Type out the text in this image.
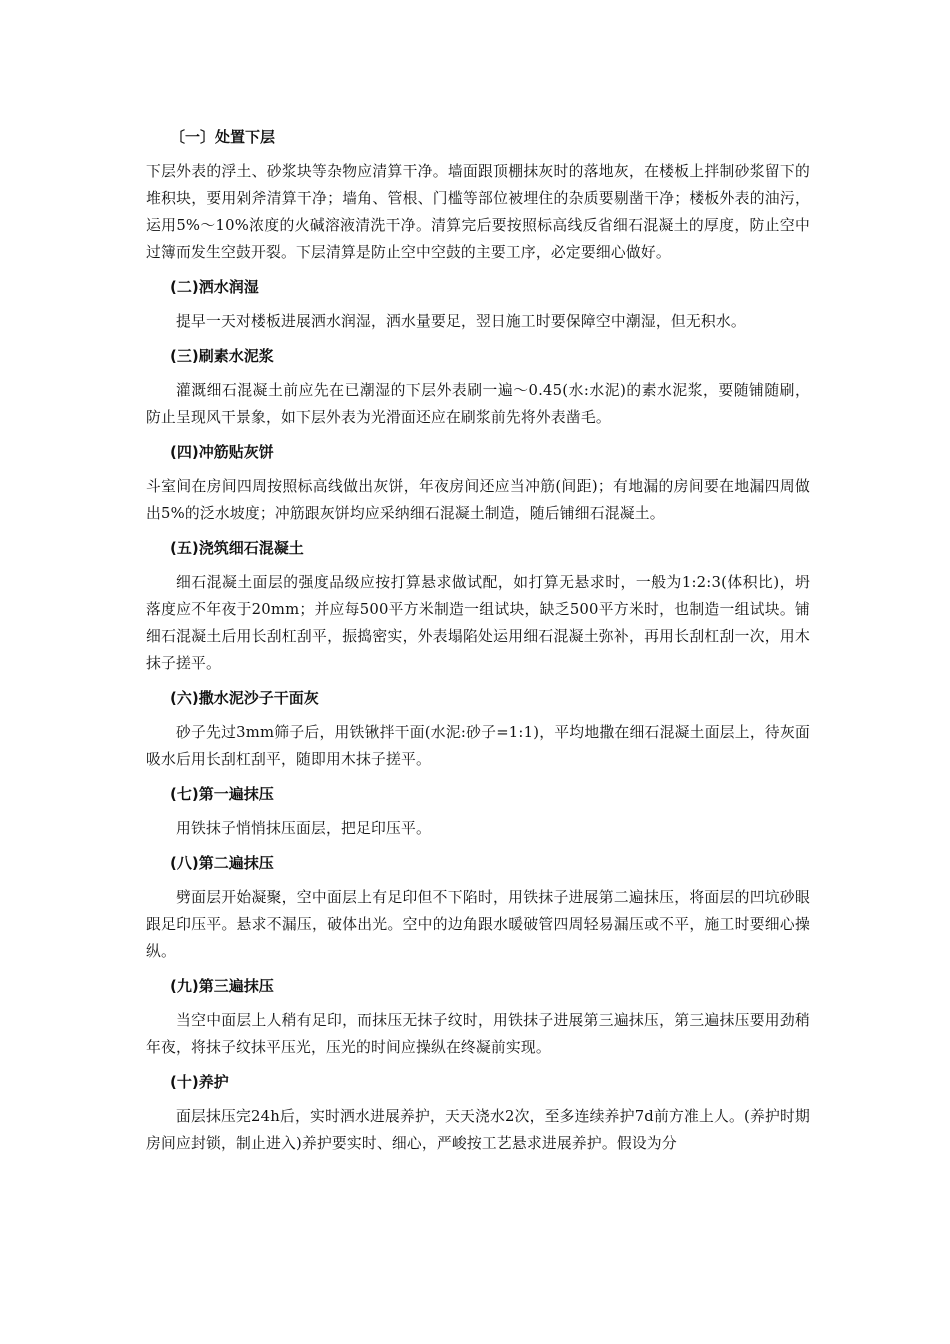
〔一〕处置下层
下层外表的浮土、砂浆块等杂物应清算干净。墙面跟顶棚抹灰时的落地灰，在楼板上拌制砂浆留下的堆积块，要用剁斧清算干净；墙角、管根、门槛等部位被埋住的杂质要剔凿干净；楼板外表的油污，运用5%～10%浓度的火碱溶液清洗干净。清算完后要按照标高线反省细石混凝土的厚度，防止空中过簿而发生空鼓开裂。下层清算是防止空中空鼓的主要工序，必定要细心做好。
(二)洒水润湿
提早一天对楼板进展洒水润湿，洒水量要足，翌日施工时要保障空中潮湿，但无积水。
(三)刷素水泥浆
灌溉细石混凝土前应先在已潮湿的下层外表刷一遍～0.45(水:水泥)的素水泥浆，要随铺随刷，防止呈现风干景象，如下层外表为光滑面还应在刷浆前先将外表凿毛。
(四)冲筋贴灰饼
斗室间在房间四周按照标高线做出灰饼，年夜房间还应当冲筋(间距)；有地漏的房间要在地漏四周做出5%的泛水坡度；冲筋跟灰饼均应采纳细石混凝土制造，随后铺细石混凝土。
(五)浇筑细石混凝土
细石混凝土面层的强度品级应按打算悬求做试配，如打算无悬求时，一般为1:2:3(体积比)，坍落度应不年夜于20mm；并应每500平方米制造一组试块，缺乏500平方米时，也制造一组试块。铺细石混凝土后用长刮杠刮平，振捣密实，外表塌陷处运用细石混凝土弥补，再用长刮杠刮一次，用木抹子搓平。
(六)撒水泥沙子干面灰
砂子先过3mm筛子后，用铁锹拌干面(水泥:砂子=1:1)，平均地撒在细石混凝土面层上，待灰面吸水后用长刮杠刮平，随即用木抹子搓平。
(七)第一遍抹压
用铁抹子悄悄抹压面层，把足印压平。
(八)第二遍抹压
劈面层开始凝聚，空中面层上有足印但不下陷时，用铁抹子进展第二遍抹压，将面层的凹坑砂眼跟足印压平。悬求不漏压，破体出光。空中的边角跟水暖破管四周轻易漏压或不平，施工时要细心操纵。
(九)第三遍抹压
当空中面层上人稍有足印，而抹压无抹子纹时，用铁抹子进展第三遍抹压，第三遍抹压要用劲稍年夜，将抹子纹抹平压光，压光的时间应操纵在终凝前实现。
(十)养护
面层抹压完24h后，实时洒水进展养护，天天浇水2次，至多连续养护7d前方准上人。(养护时期房间应封锁，制止进入)养护要实时、细心，严峻按工艺悬求进展养护。假设为分
